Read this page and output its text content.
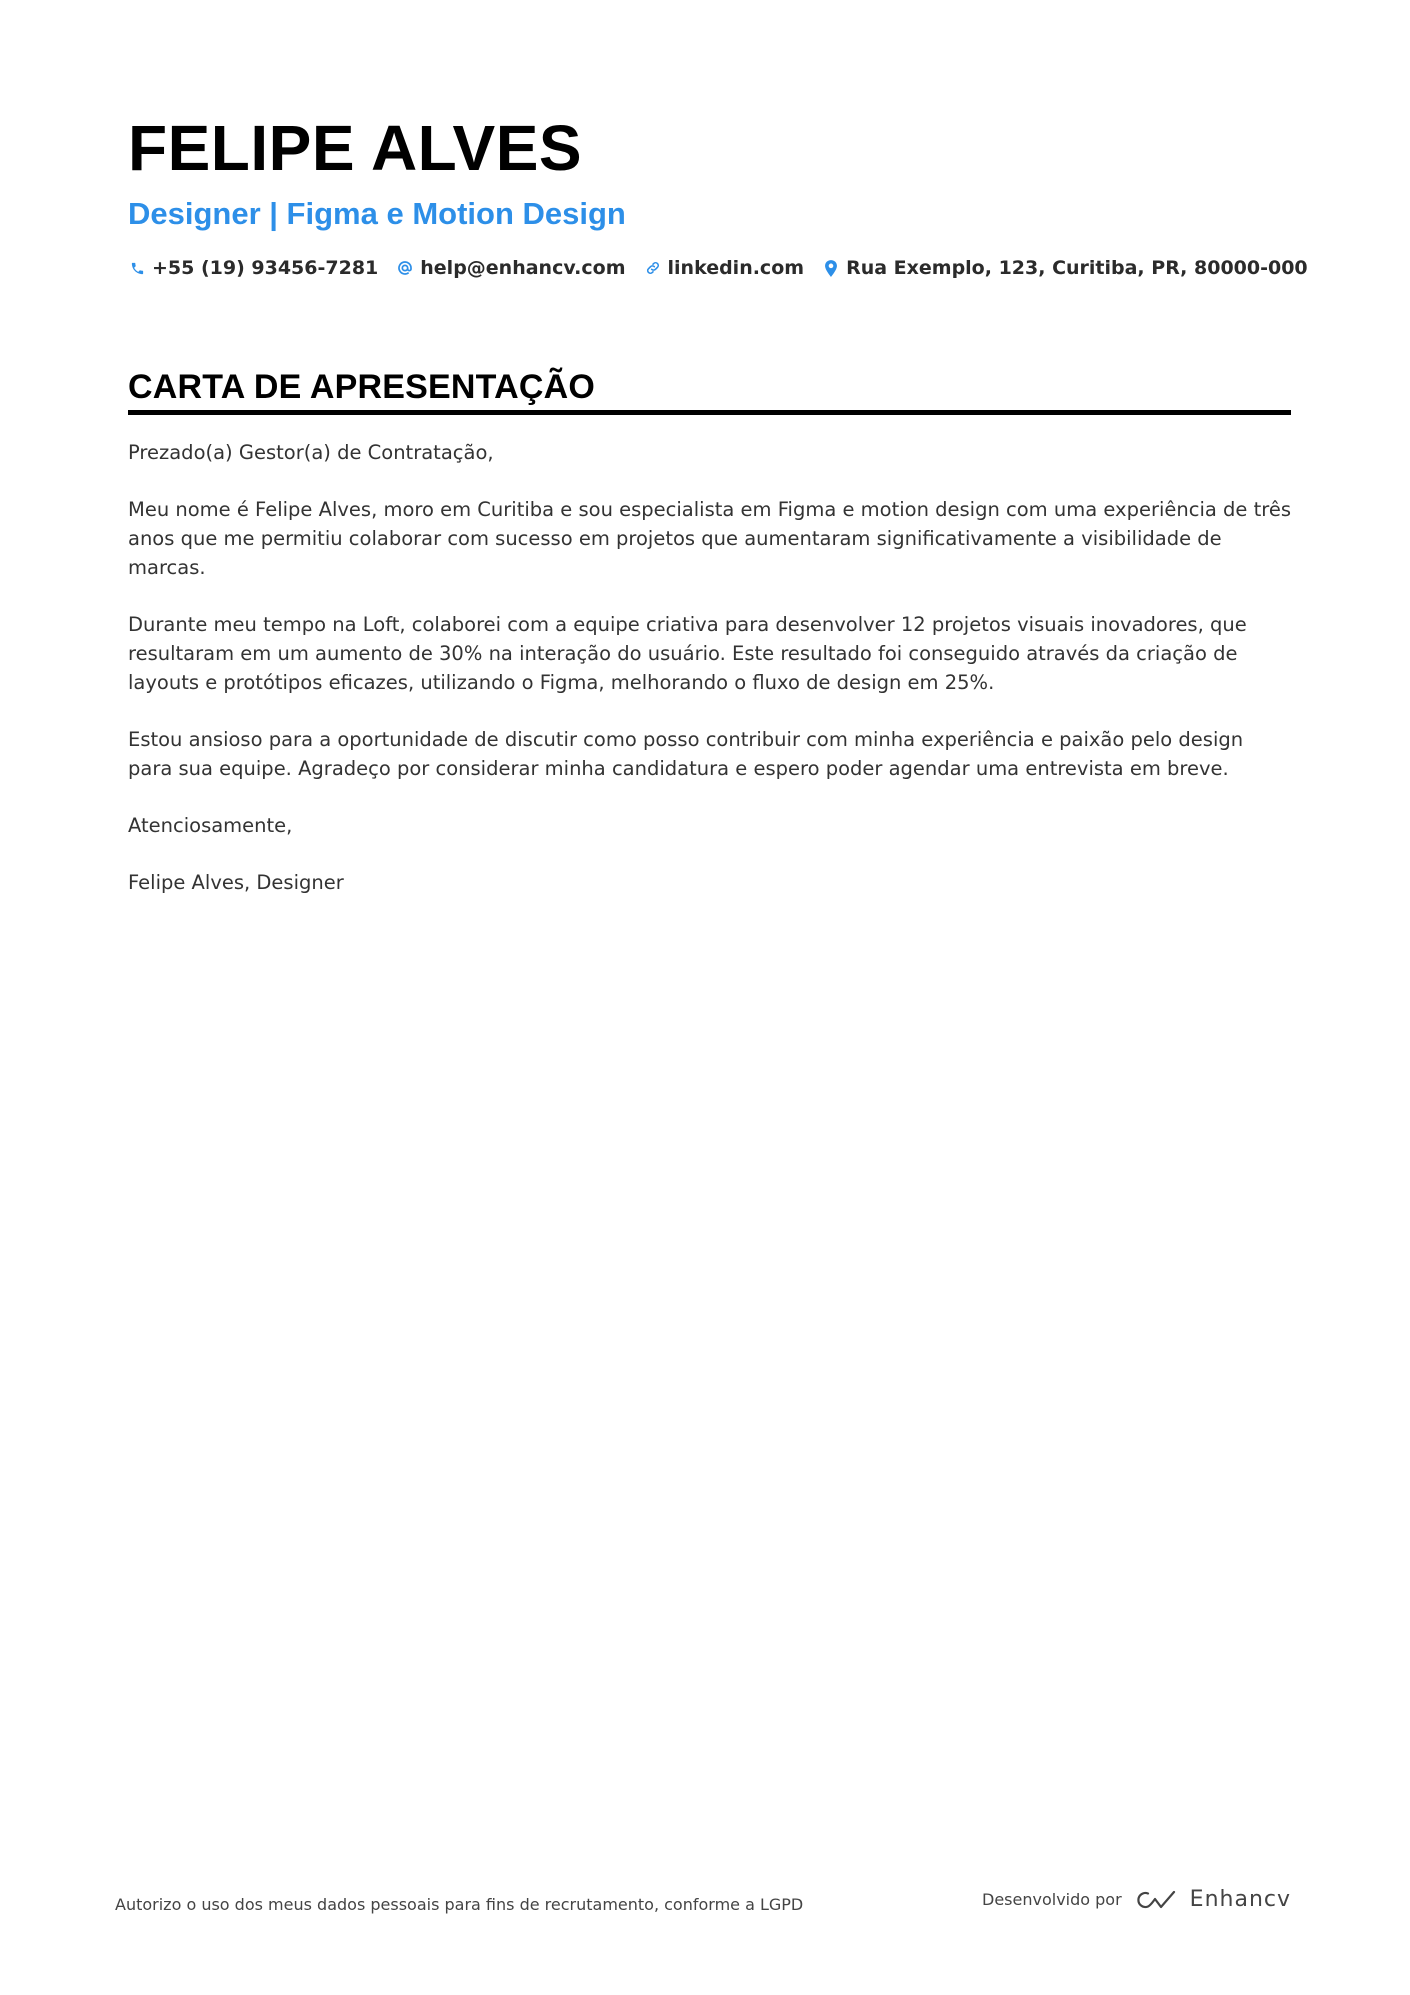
FELIPE ALVES
Designer | Figma e Motion Design
+55 (19) 93456-7281 help@enhancv.com linkedin.com Rua Exemplo, 123, Curitiba, PR, 80000-000
CARTA DE APRESENTAÇÃO

Prezado(a) Gestor(a) de Contratação,

Meu nome é Felipe Alves, moro em Curitiba e sou especialista em Figma e motion design com uma experiência de três anos que me permitiu colaborar com sucesso em projetos que aumentaram significativamente a visibilidade de marcas.

Durante meu tempo na Loft, colaborei com a equipe criativa para desenvolver 12 projetos visuais inovadores, que resultaram em um aumento de 30% na interação do usuário. Este resultado foi conseguido através da criação de layouts e protótipos eficazes, utilizando o Figma, melhorando o fluxo de design em 25%.

Estou ansioso para a oportunidade de discutir como posso contribuir com minha experiência e paixão pelo design para sua equipe. Agradeço por considerar minha candidatura e espero poder agendar uma entrevista em breve.

Atenciosamente,

Felipe Alves, Designer

Autorizo o uso dos meus dados pessoais para fins de recrutamento, conforme a LGPD	Desenvolvido por	Enhancv
